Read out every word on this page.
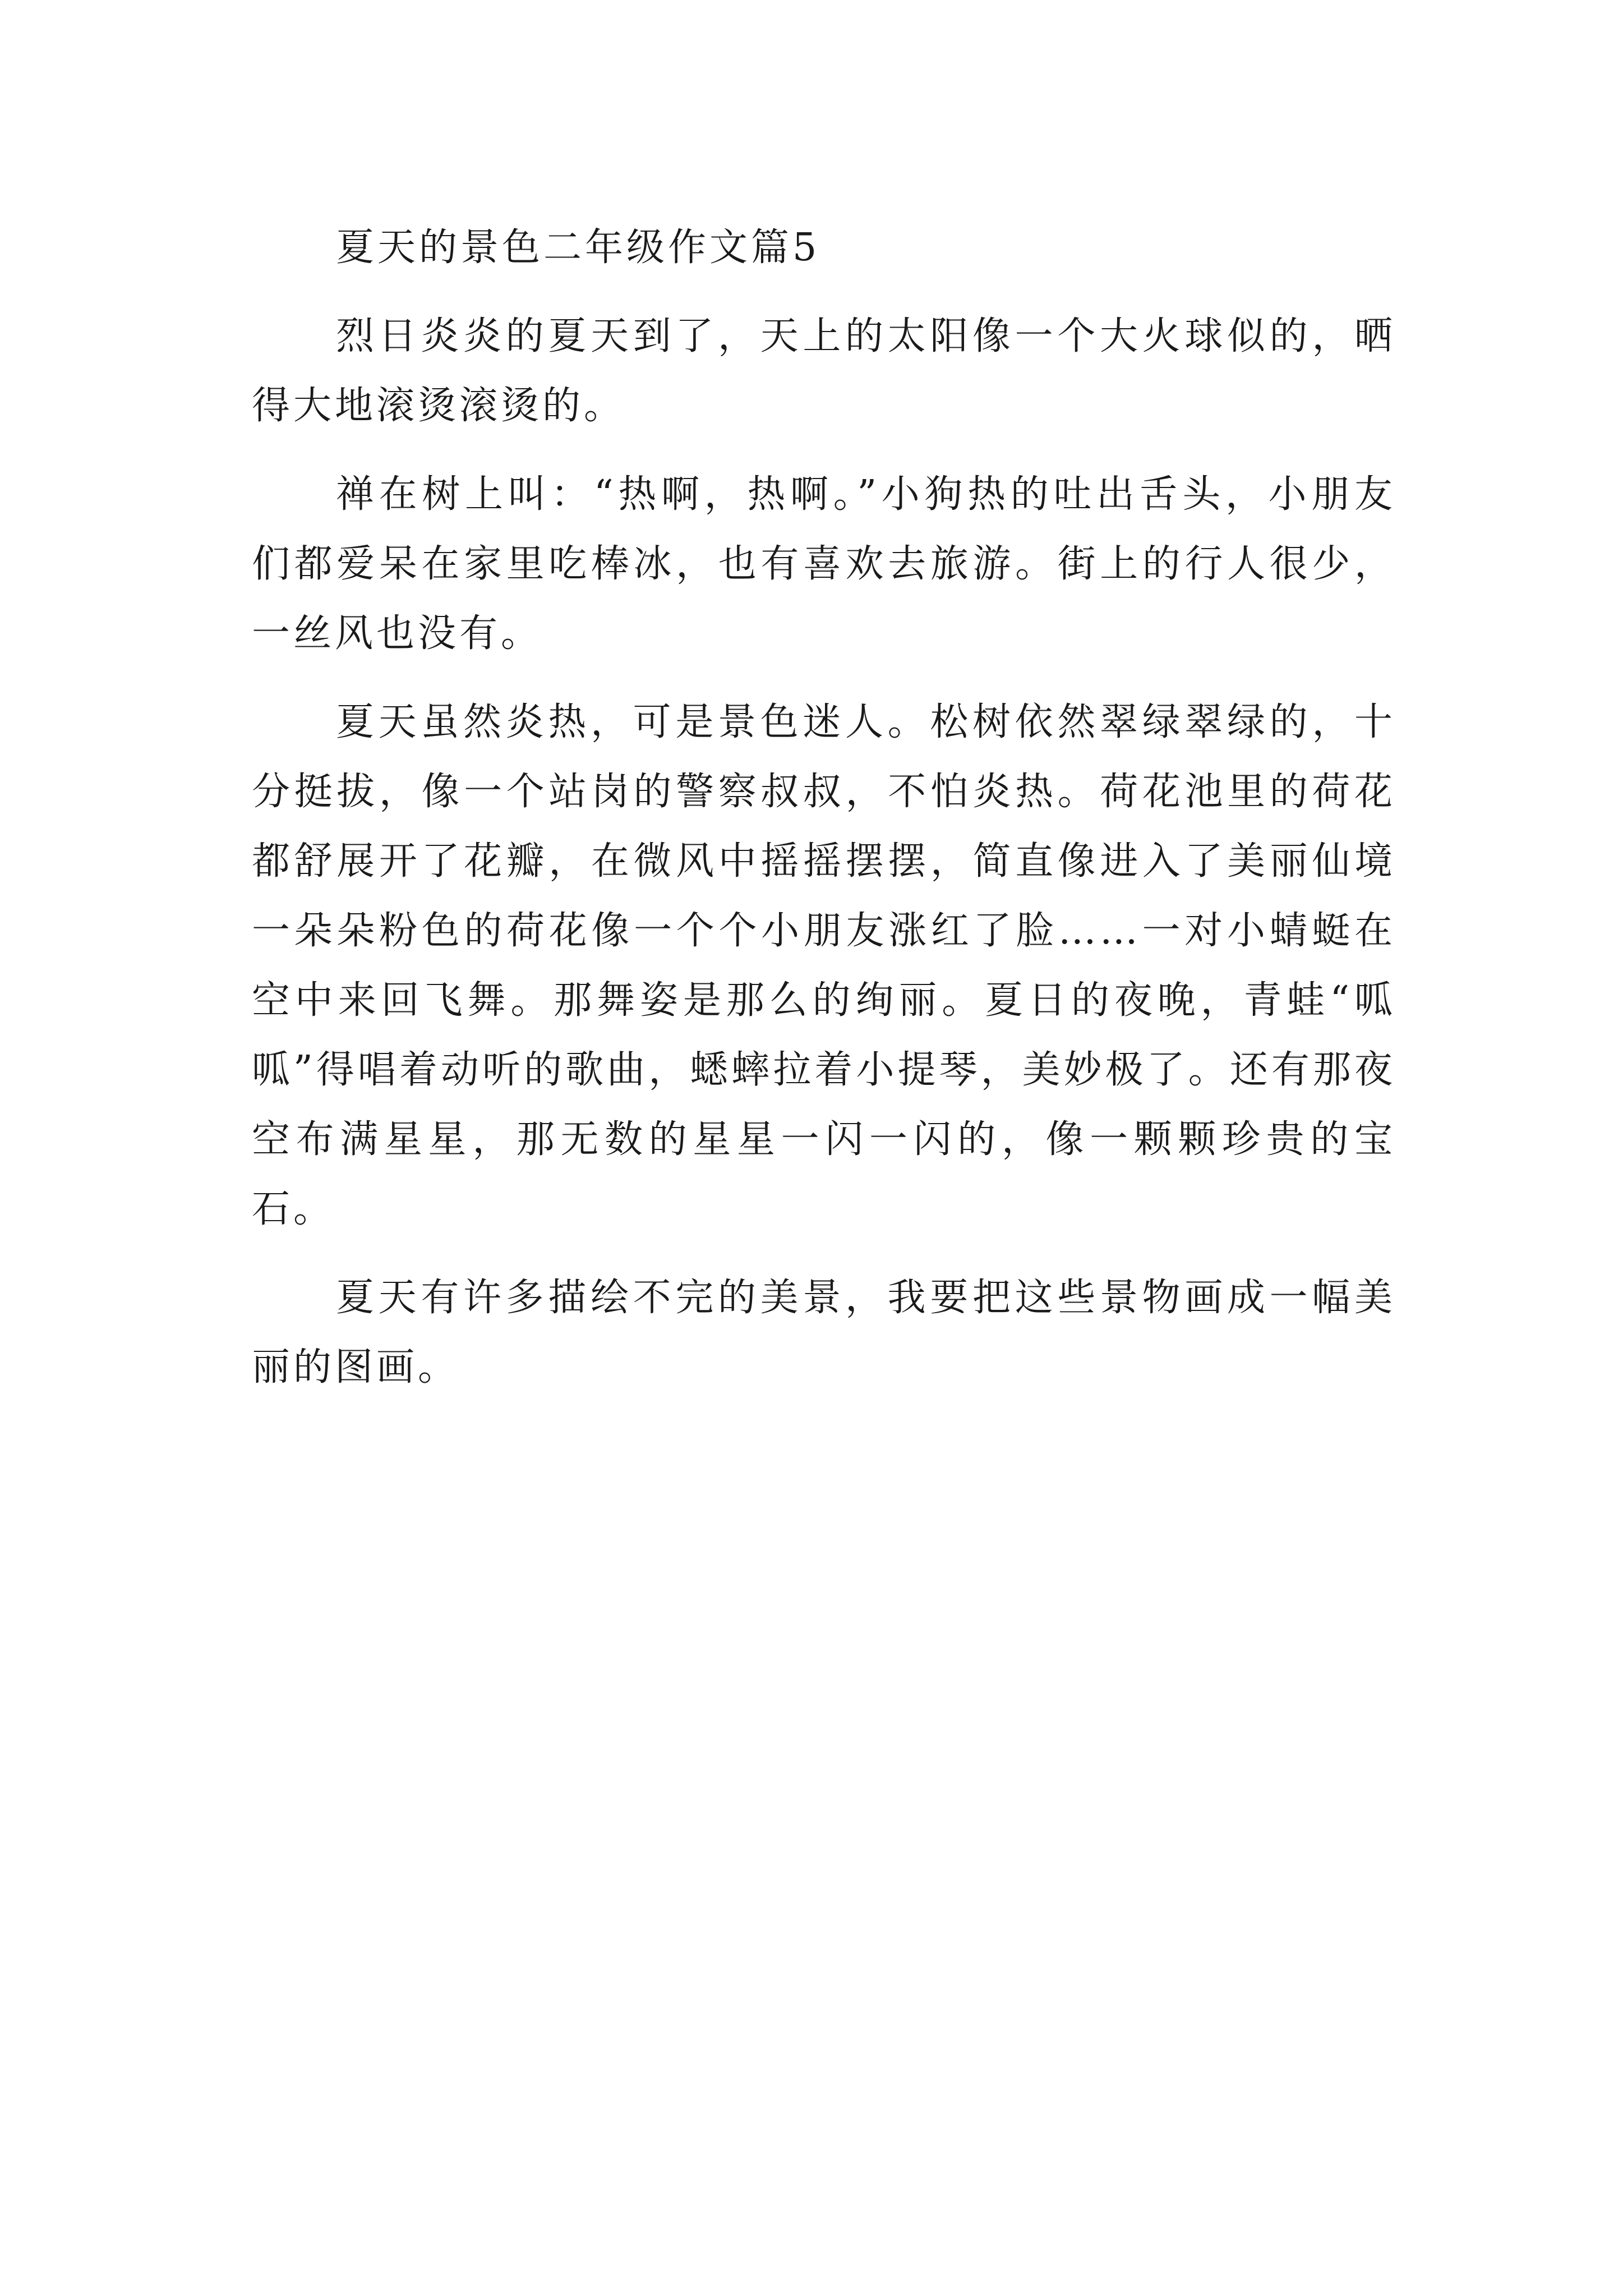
夏天的景色二年级作文篇5

烈日炎炎的夏天到了，天上的太阳像一个大火球似的，晒得大地滚烫滚烫的。

禅在树上叫：“热啊，热啊。”小狗热的吐出舌头，小朋友们都爱呆在家里吃棒冰，也有喜欢去旅游。街上的行人很少，一丝风也没有。

夏天虽然炎热，可是景色迷人。松树依然翠绿翠绿的，十分挺拔，像一个站岗的警察叔叔，不怕炎热。荷花池里的荷花都舒展开了花瓣，在微风中摇摇摆摆，简直像进入了美丽仙境一朵朵粉色的荷花像一个个小朋友涨红了脸……一对小蜻蜓在空中来回飞舞。那舞姿是那么的绚丽。夏日的夜晚，青蛙“呱呱”得唱着动听的歌曲，蟋蟀拉着小提琴，美妙极了。还有那夜空布满星星，那无数的星星一闪一闪的，像一颗颗珍贵的宝石。

夏天有许多描绘不完的美景，我要把这些景物画成一幅美丽的图画。
